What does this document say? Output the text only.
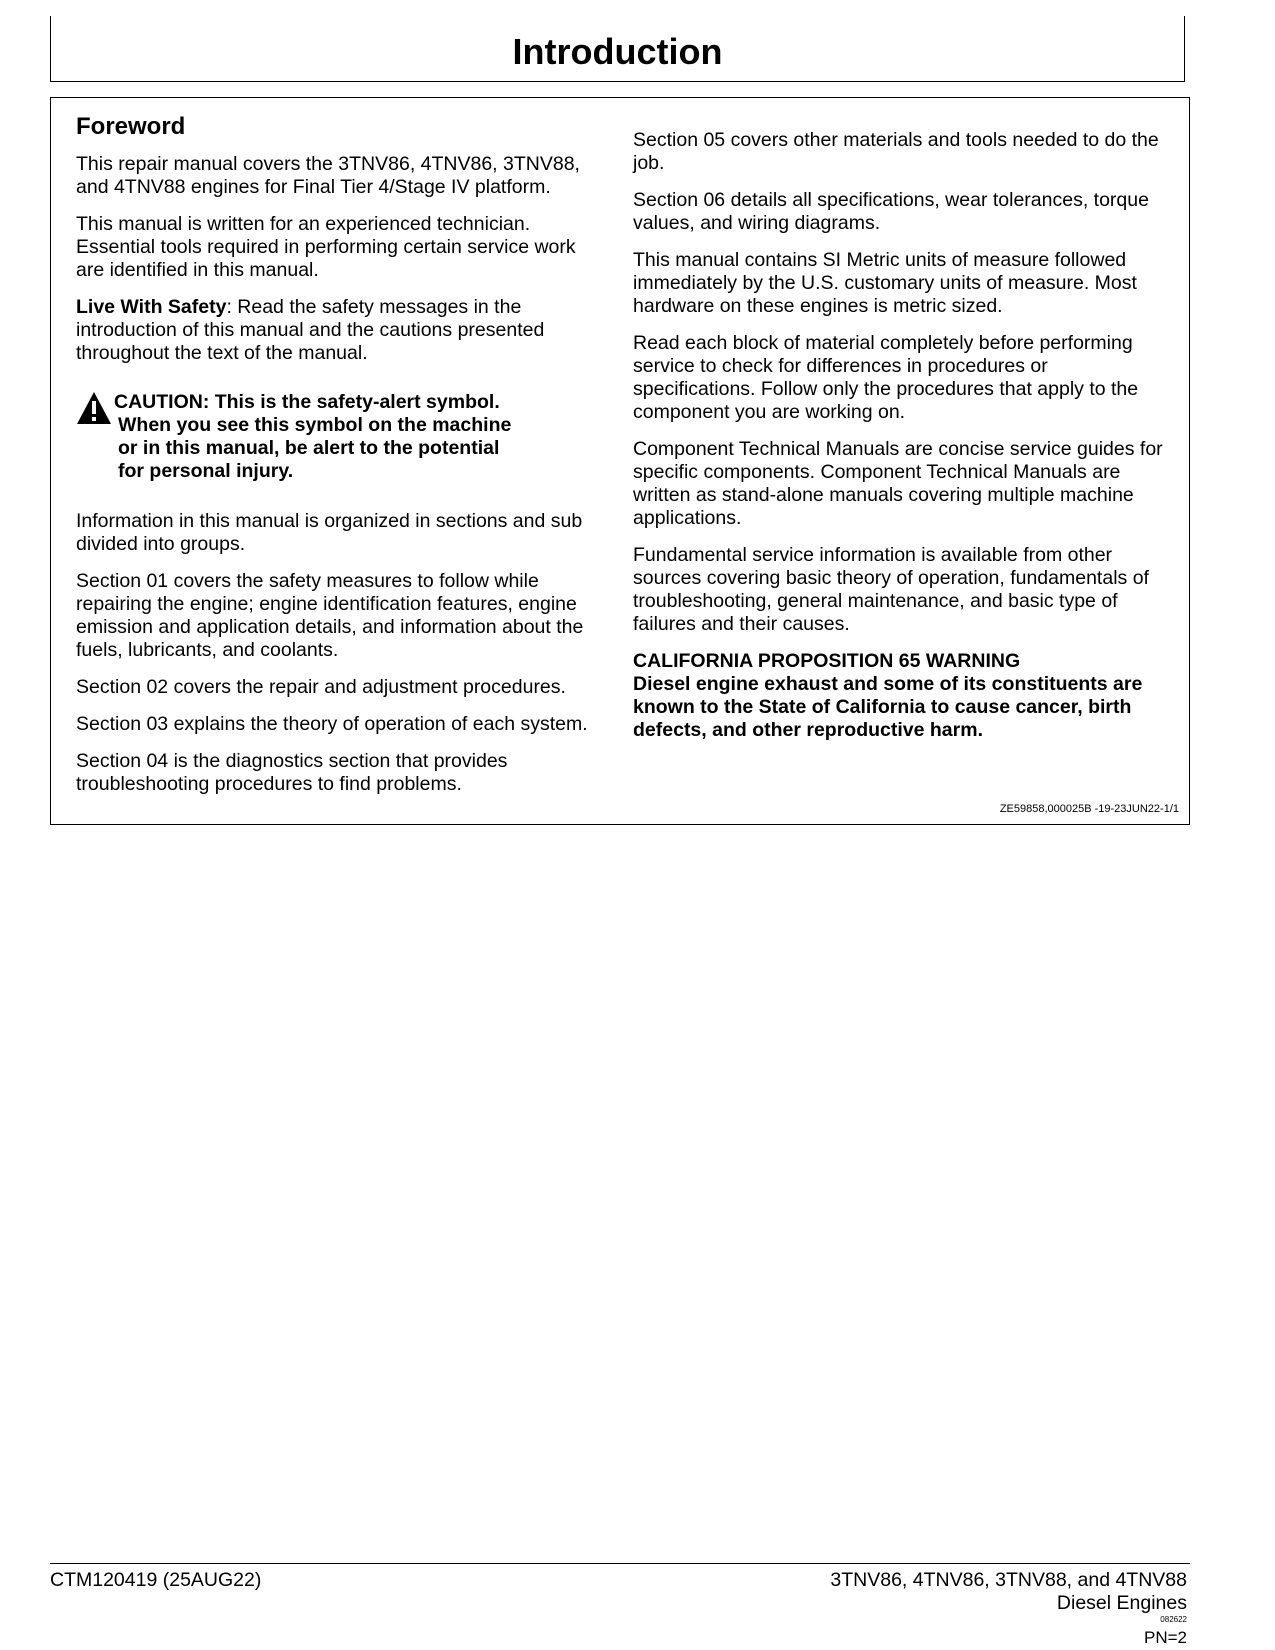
Introduction
Foreword

This repair manual covers the 3TNV86, 4TNV86, 3TNV88, and 4TNV88 engines for Final Tier 4/Stage IV platform.

This manual is written for an experienced technician. Essential tools required in performing certain service work are identified in this manual.

Live With Safety: Read the safety messages in the introduction of this manual and the cautions presented throughout the text of the manual.

CAUTION: This is the safety-alert symbol.
When you see this symbol on the machine
or in this manual, be alert to the potential
for personal injury.

Information in this manual is organized in sections and sub divided into groups.

Section 01 covers the safety measures to follow while repairing the engine; engine identification features, engine emission and application details, and information about the fuels, lubricants, and coolants.

Section 02 covers the repair and adjustment procedures.

Section 03 explains the theory of operation of each system.

Section 04 is the diagnostics section that provides troubleshooting procedures to find problems.

Section 05 covers other materials and tools needed to do the job.

Section 06 details all specifications, wear tolerances, torque values, and wiring diagrams.

This manual contains SI Metric units of measure followed immediately by the U.S. customary units of measure. Most hardware on these engines is metric sized.

Read each block of material completely before performing service to check for differences in procedures or specifications. Follow only the procedures that apply to the component you are working on.

Component Technical Manuals are concise service guides for specific components. Component Technical Manuals are written as stand-alone manuals covering multiple machine applications.

Fundamental service information is available from other sources covering basic theory of operation, fundamentals of troubleshooting, general maintenance, and basic type of failures and their causes.

CALIFORNIA PROPOSITION 65 WARNING

Diesel engine exhaust and some of its constituents are known to the State of California to cause cancer, birth defects, and other reproductive harm.

ZE59858,000025B -19-23JUN22-1/1
CTM120419 (25AUG22)	3TNV86, 4TNV86, 3TNV88, and 4TNV88
Diesel Engines
082622
PN=2
